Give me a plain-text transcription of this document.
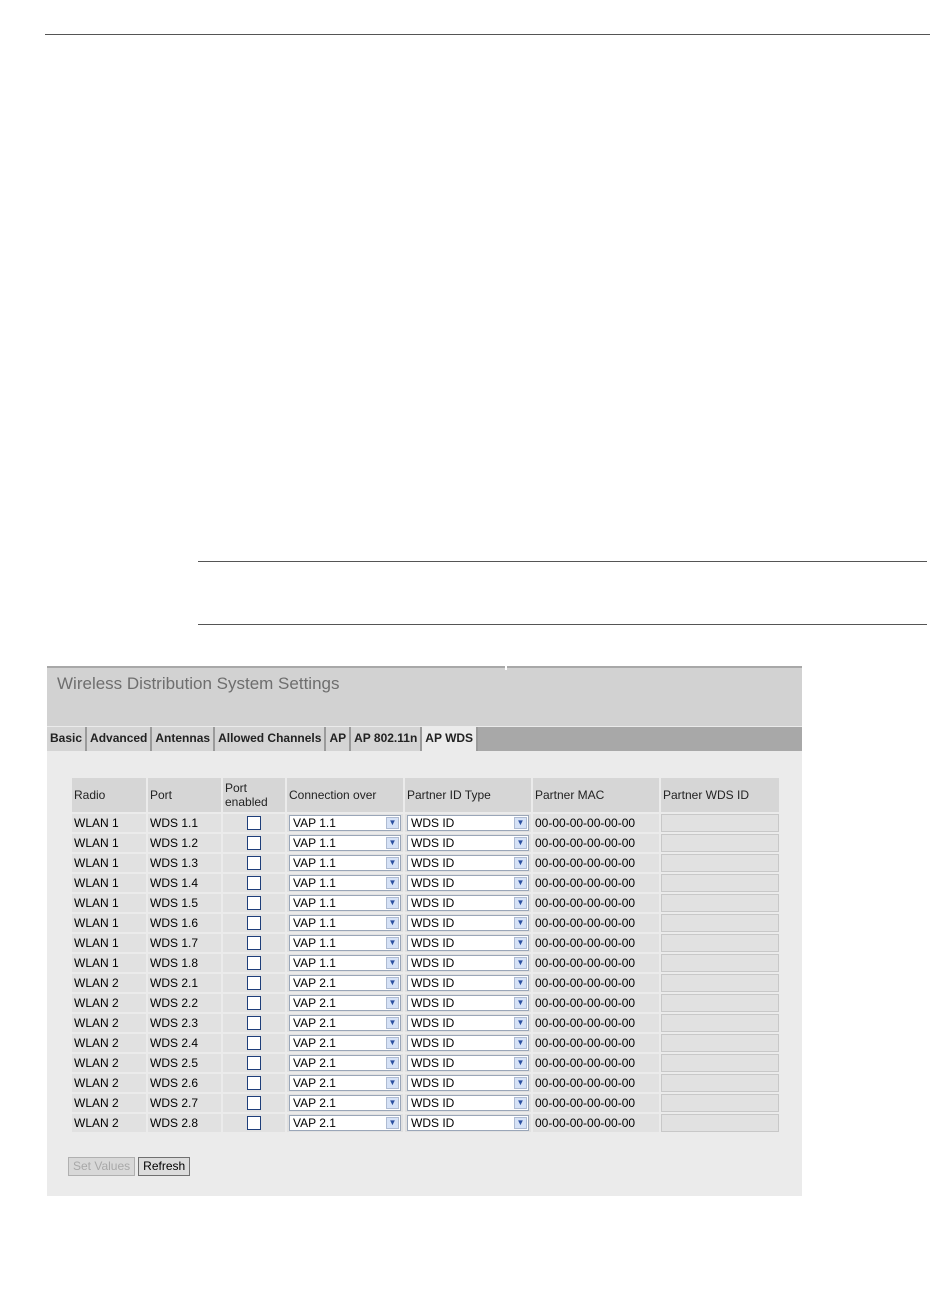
Wireless Distribution System Settings
Basic Advanced Antennas Allowed Channels AP AP 802.11n AP WDS
Radio	Port	Port enabled	Connection over	Partner ID Type	Partner MAC	Partner WDS ID
WLAN 1	WDS 1.1		VAP 1.1 ▼	WDS ID ▼	00-00-00-00-00-00	
WLAN 1	WDS 1.2		VAP 1.1 ▼	WDS ID ▼	00-00-00-00-00-00	
WLAN 1	WDS 1.3		VAP 1.1 ▼	WDS ID ▼	00-00-00-00-00-00	
WLAN 1	WDS 1.4		VAP 1.1 ▼	WDS ID ▼	00-00-00-00-00-00	
WLAN 1	WDS 1.5		VAP 1.1 ▼	WDS ID ▼	00-00-00-00-00-00	
WLAN 1	WDS 1.6		VAP 1.1 ▼	WDS ID ▼	00-00-00-00-00-00	
WLAN 1	WDS 1.7		VAP 1.1 ▼	WDS ID ▼	00-00-00-00-00-00	
WLAN 1	WDS 1.8		VAP 1.1 ▼	WDS ID ▼	00-00-00-00-00-00	
WLAN 2	WDS 2.1		VAP 2.1 ▼	WDS ID ▼	00-00-00-00-00-00	
WLAN 2	WDS 2.2		VAP 2.1 ▼	WDS ID ▼	00-00-00-00-00-00	
WLAN 2	WDS 2.3		VAP 2.1 ▼	WDS ID ▼	00-00-00-00-00-00	
WLAN 2	WDS 2.4		VAP 2.1 ▼	WDS ID ▼	00-00-00-00-00-00	
WLAN 2	WDS 2.5		VAP 2.1 ▼	WDS ID ▼	00-00-00-00-00-00	
WLAN 2	WDS 2.6		VAP 2.1 ▼	WDS ID ▼	00-00-00-00-00-00	
WLAN 2	WDS 2.7		VAP 2.1 ▼	WDS ID ▼	00-00-00-00-00-00	
WLAN 2	WDS 2.8		VAP 2.1 ▼	WDS ID ▼	00-00-00-00-00-00	
Set Values	Refresh
